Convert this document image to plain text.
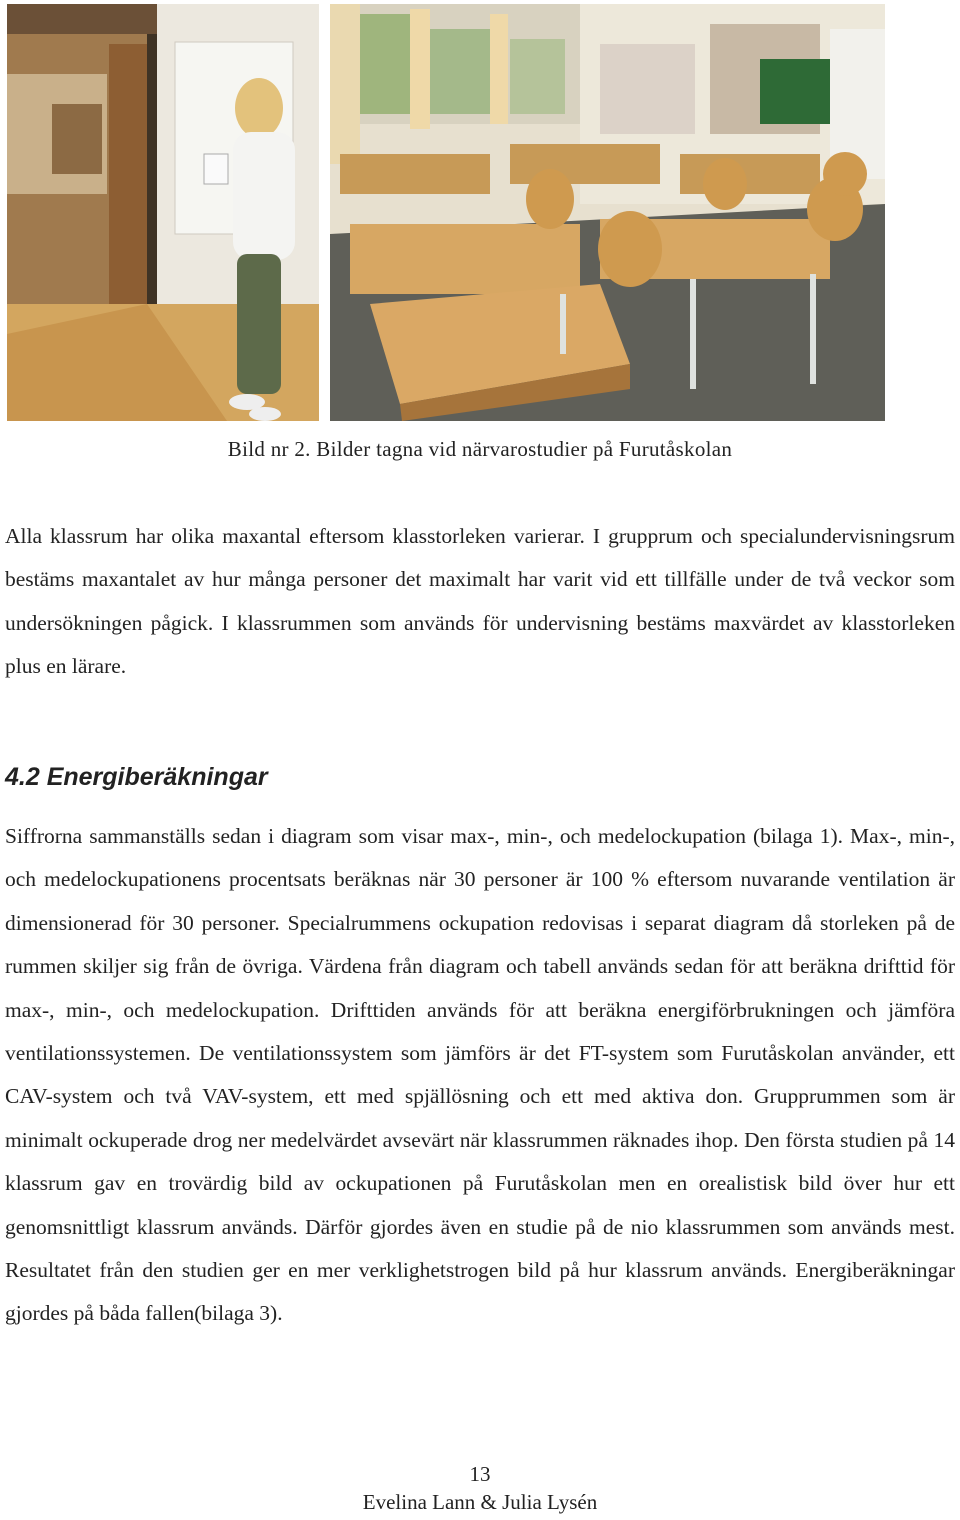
Bild nr 2. Bilder tagna vid närvarostudier på Furutåskolan

Alla klassrum har olika maxantal eftersom klasstorleken varierar. I grupprum och specialundervisningsrum bestäms maxantalet av hur många personer det maximalt har varit vid ett tillfälle under de två veckor som undersökningen pågick. I klassrummen som används för undervisning bestäms maxvärdet av klasstorleken plus en lärare.

4.2 Energiberäkningar

Siffrorna sammanställs sedan i diagram som visar max-, min-, och medelockupation (bilaga 1). Max-, min-, och medelockupationens procentsats beräknas när 30 personer är 100 % eftersom nuvarande ventilation är dimensionerad för 30 personer. Specialrummens ockupation redovisas i separat diagram då storleken på de rummen skiljer sig från de övriga. Värdena från diagram och tabell används sedan för att beräkna drifttid för max-, min-, och medelockupation. Drifttiden används för att beräkna energiförbrukningen och jämföra ventilationssystemen. De ventilationssystem som jämförs är det FT-system som Furutåskolan använder, ett CAV-system och två VAV-system, ett med spjällösning och ett med aktiva don. Grupprummen som är minimalt ockuperade drog ner medelvärdet avsevärt när klassrummen räknades ihop. Den första studien på 14 klassrum gav en trovärdig bild av ockupationen på Furutåskolan men en orealistisk bild över hur ett genomsnittligt klassrum används. Därför gjordes även en studie på de nio klassrummen som används mest. Resultatet från den studien ger en mer verklighetstrogen bild på hur klassrum används. Energiberäkningar gjordes på båda fallen(bilaga 3).

13
Evelina Lann & Julia Lysén
